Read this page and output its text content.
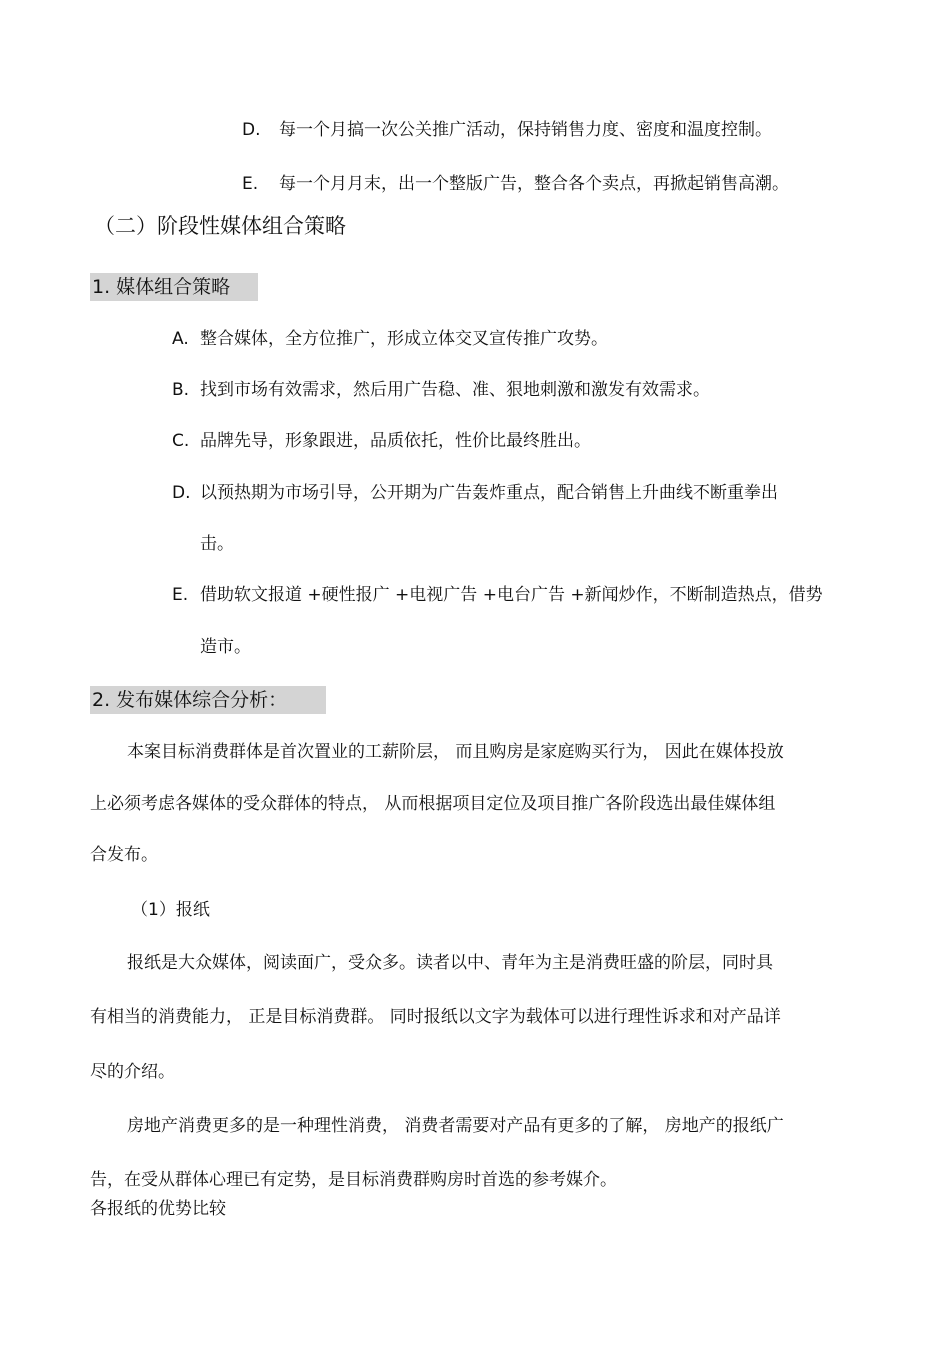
D. 每一个月搞一次公关推广活动，保持销售力度、密度和温度控制。
E. 每一个月月末，出一个整版广告，整合各个卖点，再掀起销售高潮。
（二）阶段性媒体组合策略
1. 媒体组合策略
A. 整合媒体，全方位推广，形成立体交叉宣传推广攻势。
B. 找到市场有效需求，然后用广告稳、准、狠地刺激和激发有效需求。
C. 品牌先导，形象跟进，品质依托，性价比最终胜出。
D. 以预热期为市场引导，公开期为广告轰炸重点，配合销售上升曲线不断重拳出
击。
E. 借助软文报道 +硬性报广 +电视广告 +电台广告 +新闻炒作，不断制造热点，借势
造市。
2. 发布媒体综合分析：
本案目标消费群体是首次置业的工薪阶层， 而且购房是家庭购买行为， 因此在媒体投放
上必须考虑各媒体的受众群体的特点， 从而根据项目定位及项目推广各阶段选出最佳媒体组
合发布。
（1）报纸
报纸是大众媒体，阅读面广，受众多。读者以中、青年为主是消费旺盛的阶层，同时具
有相当的消费能力， 正是目标消费群。 同时报纸以文字为载体可以进行理性诉求和对产品详
尽的介绍。
房地产消费更多的是一种理性消费， 消费者需要对产品有更多的了解， 房地产的报纸广
告，在受从群体心理已有定势，是目标消费群购房时首选的参考媒介。
各报纸的优势比较
